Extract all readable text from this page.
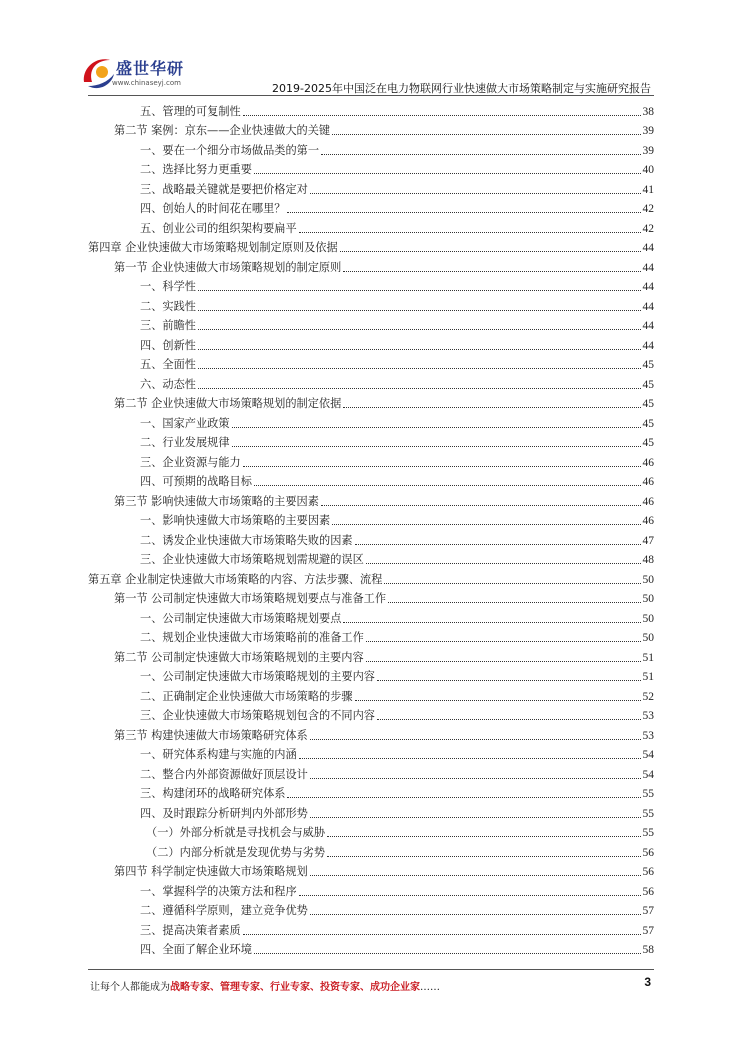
盛世华研
www.chinaseyj.com	2019-2025年中国泛在电力物联网行业快速做大市场策略制定与实施研究报告
五、管理的可复制性	38
第二节 案例：京东——企业快速做大的关键	39
一、要在一个细分市场做品类的第一	39
二、选择比努力更重要	40
三、战略最关键就是要把价格定对	41
四、创始人的时间花在哪里？	42
五、创业公司的组织架构要扁平	42
第四章 企业快速做大市场策略规划制定原则及依据	44
第一节 企业快速做大市场策略规划的制定原则	44
一、科学性	44
二、实践性	44
三、前瞻性	44
四、创新性	44
五、全面性	45
六、动态性	45
第二节 企业快速做大市场策略规划的制定依据	45
一、国家产业政策	45
二、行业发展规律	45
三、企业资源与能力	46
四、可预期的战略目标	46
第三节 影响快速做大市场策略的主要因素	46
一、影响快速做大市场策略的主要因素	46
二、诱发企业快速做大市场策略失败的因素	47
三、企业快速做大市场策略规划需规避的误区	48
第五章 企业制定快速做大市场策略的内容、方法步骤、流程	50
第一节 公司制定快速做大市场策略规划要点与准备工作	50
一、公司制定快速做大市场策略规划要点	50
二、规划企业快速做大市场策略前的准备工作	50
第二节 公司制定快速做大市场策略规划的主要内容	51
一、公司制定快速做大市场策略规划的主要内容	51
二、正确制定企业快速做大市场策略的步骤	52
三、企业快速做大市场策略规划包含的不同内容	53
第三节 构建快速做大市场策略研究体系	53
一、研究体系构建与实施的内涵	54
二、整合内外部资源做好顶层设计	54
三、构建闭环的战略研究体系	55
四、及时跟踪分析研判内外部形势	55
（一）外部分析就是寻找机会与威胁	55
（二）内部分析就是发现优势与劣势	56
第四节 科学制定快速做大市场策略规划	56
一、掌握科学的决策方法和程序	56
二、遵循科学原则，建立竞争优势	57
三、提高决策者素质	57
四、全面了解企业环境	58
让每个人都能成为战略专家、管理专家、行业专家、投资专家、成功企业家……	3
